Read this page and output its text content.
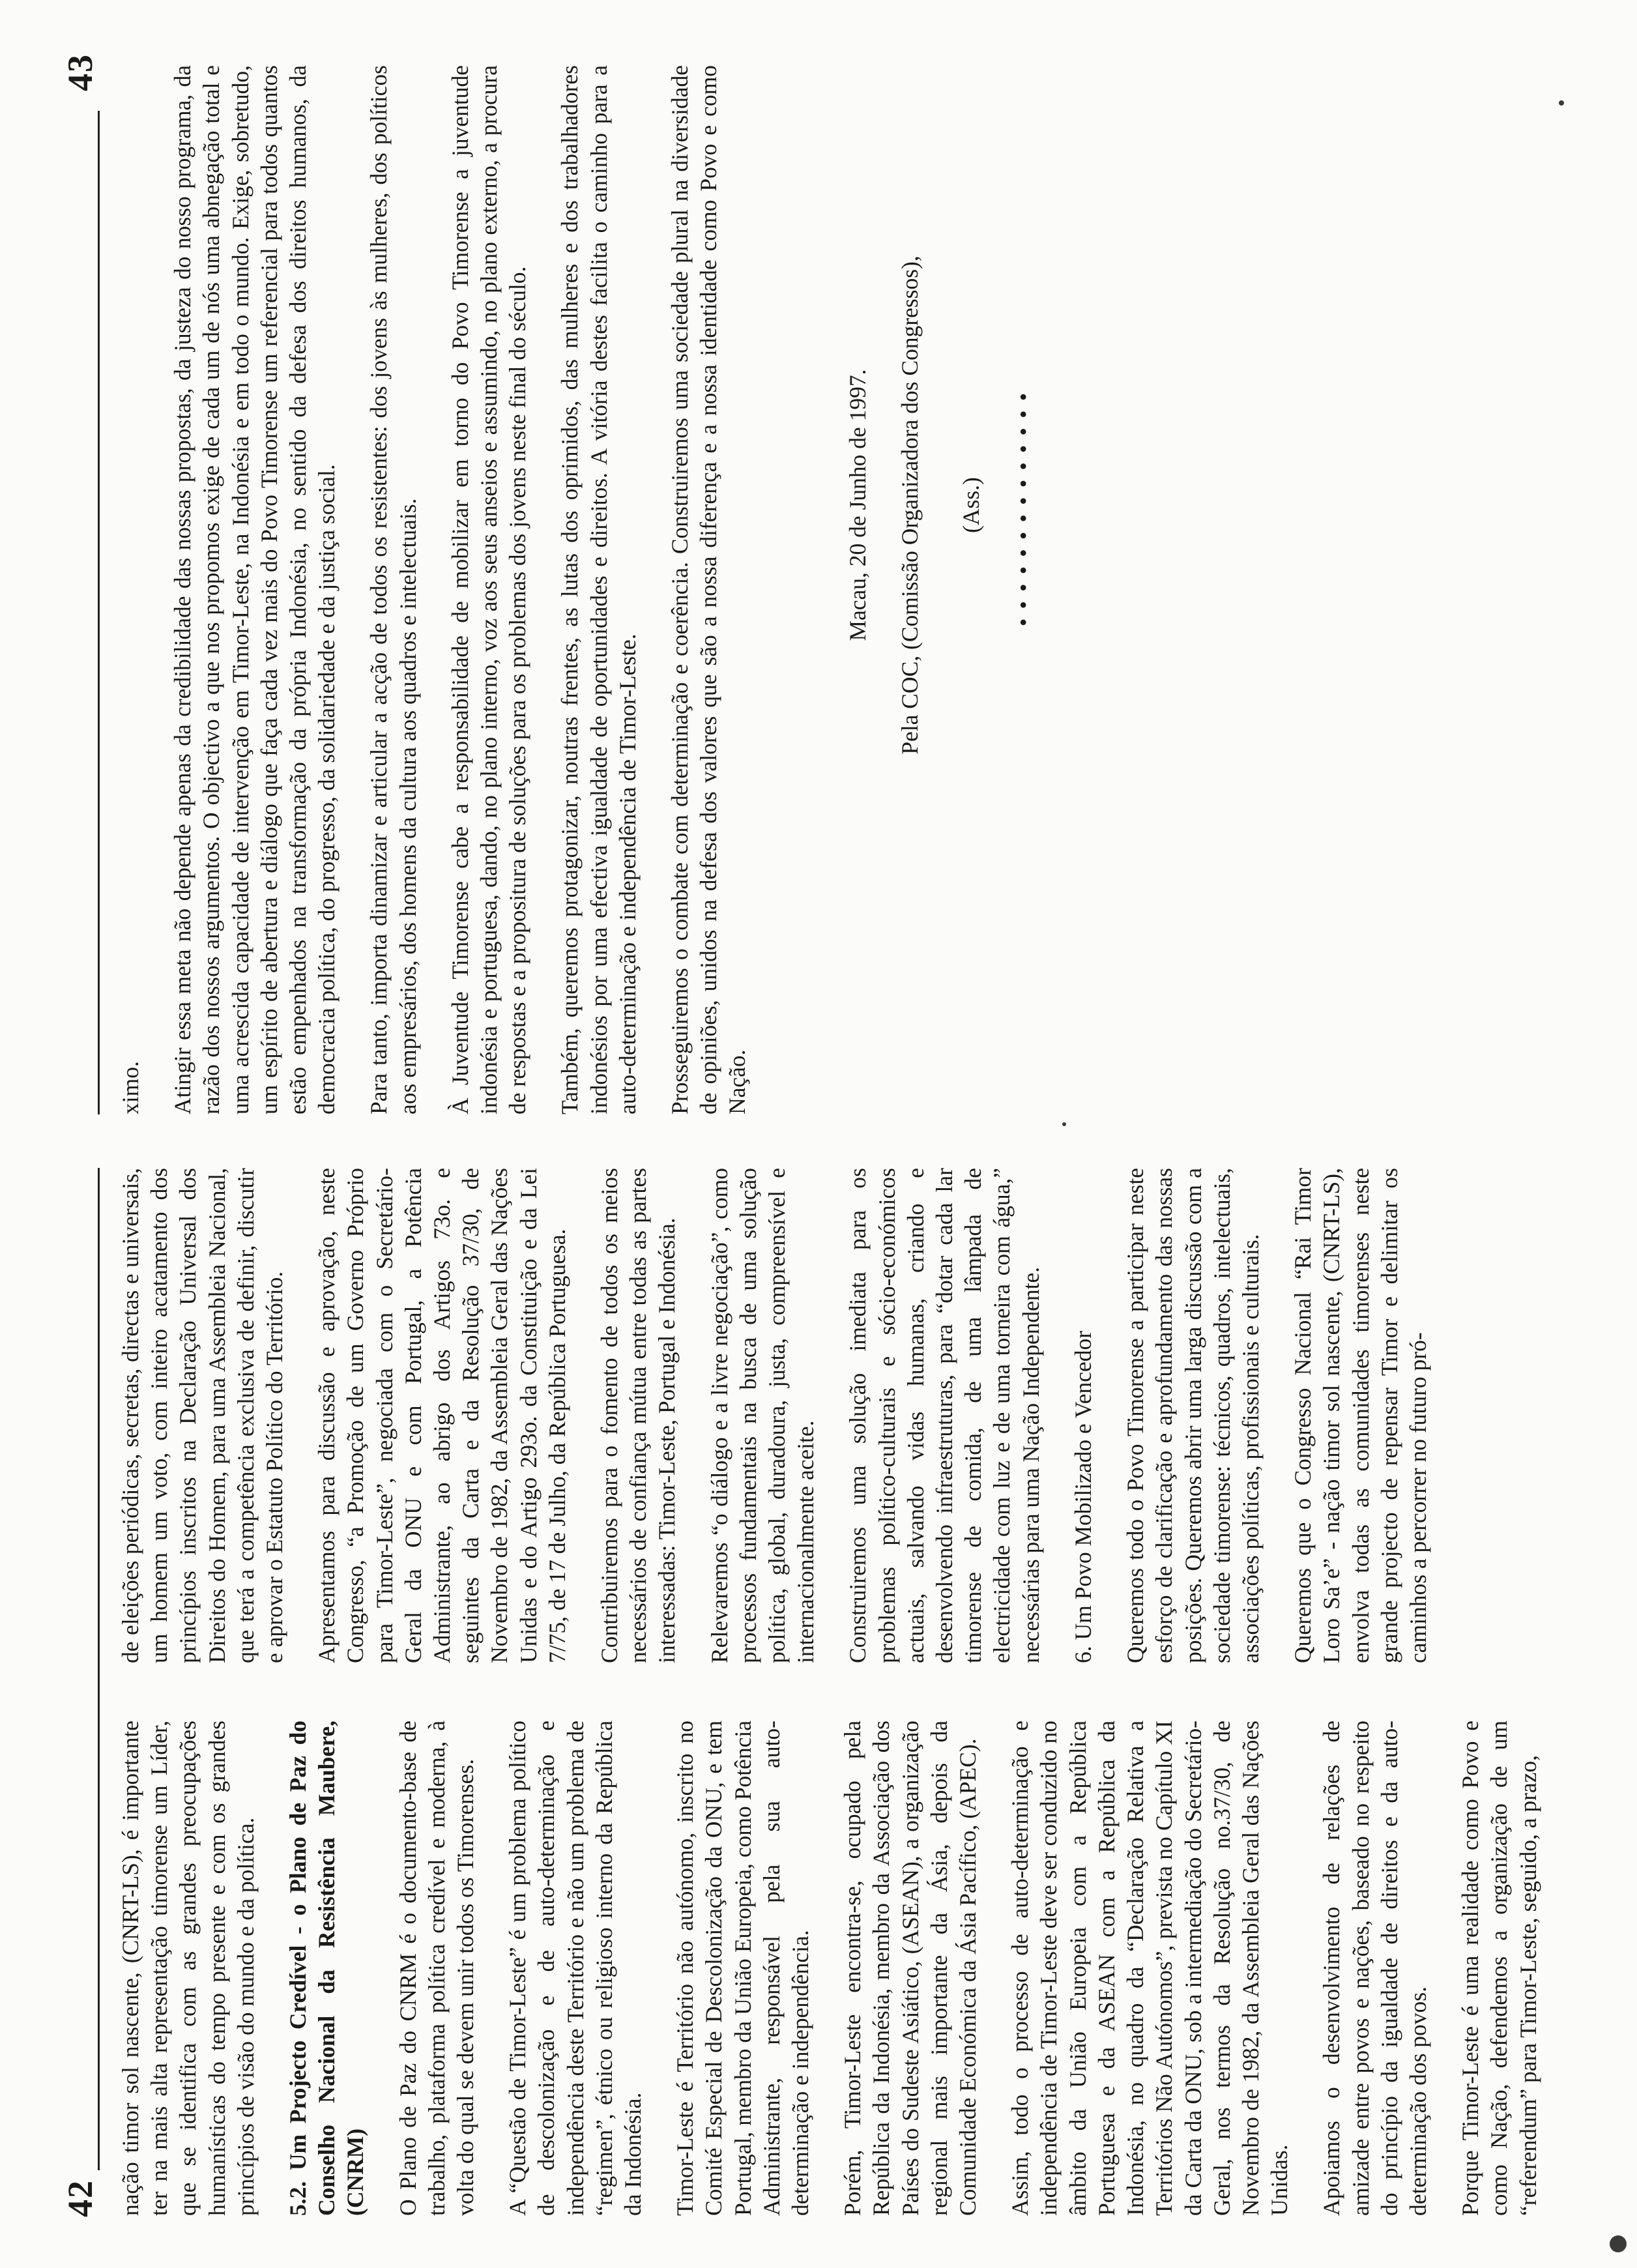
42 nação timor sol nascente, (CNRT-LS), é importante ter na mais alta representação timorense um Líder, que se identifica com as grandes preocupações humanísticas do tempo presente e com os grandes princípios de visão do mundo e da política. 5.2. Um Projecto Credível - o Plano de Paz do Conselho Nacional da Resistência Maubere, (CNRM) O Plano de Paz do CNRM é o documento-base de trabalho, plataforma política credível e moderna, à volta do qual se devem unir todos os Timorenses. A “Questão de Timor-Leste” é um problema político de descolonização e de auto-determinação e independência deste Território e não um problema de “regimen”, étnico ou religioso interno da República da Indonésia. Timor-Leste é Território não autónomo, inscrito no Comité Especial de Descolonização da ONU, e tem Portugal, membro da União Europeia, como Potência Administrante, responsável pela sua auto-determinação e independência. Porém, Timor-Leste encontra-se, ocupado pela República da Indonésia, membro da Associação dos Países do Sudeste Asiático, (ASEAN), a organização regional mais importante da Ásia, depois da Comunidade Económica da Ásia Pacífico, (APEC). Assim, todo o processo de auto-determinação e independência de Timor-Leste deve ser conduzido no âmbito da União Europeia com a República Portuguesa e da ASEAN com a República da Indonésia, no quadro da “Declaração Relativa a Territórios Não Autónomos”, prevista no Capítulo XI da Carta da ONU, sob a intermediação do Secretário-Geral, nos termos da Resolução no.37/30, de Novembro de 1982, da Assembleia Geral das Nações Unidas. Apoiamos o desenvolvimento de relações de amizade entre povos e nações, baseado no respeito do princípio da igualdade de direitos e da auto-determinação dos povos. Porque Timor-Leste é uma realidade como Povo e como Nação, defendemos a organização de um “referendum” para Timor-Leste, seguido, a prazo,

de eleições periódicas, secretas, directas e universais, um homem um voto, com inteiro acatamento dos princípios inscritos na Declaração Universal dos Direitos do Homem, para uma Assembleia Nacional, que terá a competência exclusiva de definir, discutir e aprovar o Estatuto Político do Território. Apresentamos para discussão e aprovação, neste Congresso, “a Promoção de um Governo Próprio para Timor-Leste”, negociada com o Secretário-Geral da ONU e com Portugal, a Potência Administrante, ao abrigo dos Artigos 73o. e seguintes da Carta e da Resolução 37/30, de Novembro de 1982, da Assembleia Geral das Nações Unidas e do Artigo 293o. da Constituição e da Lei 7/75, de 17 de Julho, da República Portuguesa. Contribuiremos para o fomento de todos os meios necessários de confiança mútua entre todas as partes interessadas: Timor-Leste, Portugal e Indonésia. Relevaremos “o diálogo e a livre negociação”, como processos fundamentais na busca de uma solução política, global, duradoura, justa, compreensível e internacionalmente aceite. Construiremos uma solução imediata para os problemas político-culturais e sócio-económicos actuais, salvando vidas humanas, criando e desenvolvendo infraestruturas, para “dotar cada lar timorense de comida, de uma lâmpada de electricidade com luz e de uma torneira com água,” necessárias para uma Nação Independente. 6. Um Povo Mobilizado e Vencedor Queremos todo o Povo Timorense a participar neste esforço de clarificação e aprofundamento das nossas posições. Queremos abrir uma larga discussão com a sociedade timorense: técnicos, quadros, intelectuais, associações políticas, profissionais e culturais. Queremos que o Congresso Nacional “Rai Timor Loro Sa’e” - nação timor sol nascente, (CNRT-LS), envolva todas as comunidades timorenses neste grande projecto de repensar Timor e delimitar os caminhos a percorrer no futuro pró-

43

ximo. Atingir essa meta não depende apenas da credibilidade das nossas propostas, da justeza do nosso programa, da razão dos nossos argumentos. O objectivo a que nos propomos exige de cada um de nós uma abnegação total e uma acrescida capacidade de intervenção em Timor-Leste, na Indonésia e em todo o mundo. Exige, sobretudo, um espírito de abertura e diálogo que faça cada vez mais do Povo Timorense um referencial para todos quantos estão empenhados na transformação da própria Indonésia, no sentido da defesa dos direitos humanos, da democracia política, do progresso, da solidariedade e da justiça social. Para tanto, importa dinamizar e articular a acção de todos os resistentes: dos jovens às mulheres, dos políticos aos empresários, dos homens da cultura aos quadros e intelectuais. À Juventude Timorense cabe a responsabilidade de mobilizar em torno do Povo Timorense a juventude indonésia e portuguesa, dando, no plano interno, voz aos seus anseios e assumindo, no plano externo, a procura de respostas e a propositura de soluções para os problemas dos jovens neste final do século. Também, queremos protagonizar, noutras frentes, as lutas dos oprimidos, das mulheres e dos trabalhadores indonésios por uma efectiva igualdade de oportunidades e direitos. A vitória destes facilita o caminho para a auto-determinação e independência de Timor-Leste. Prosseguiremos o combate com determinação e coerência. Construiremos uma sociedade plural na diversidade de opiniões, unidos na defesa dos valores que são a nossa diferença e a nossa identidade como Povo e como Nação.

Macau, 20 de Junho de 1997. Pela COC, (Comissão Organizadora dos Congressos), (Ass.) ••••••••••••••
